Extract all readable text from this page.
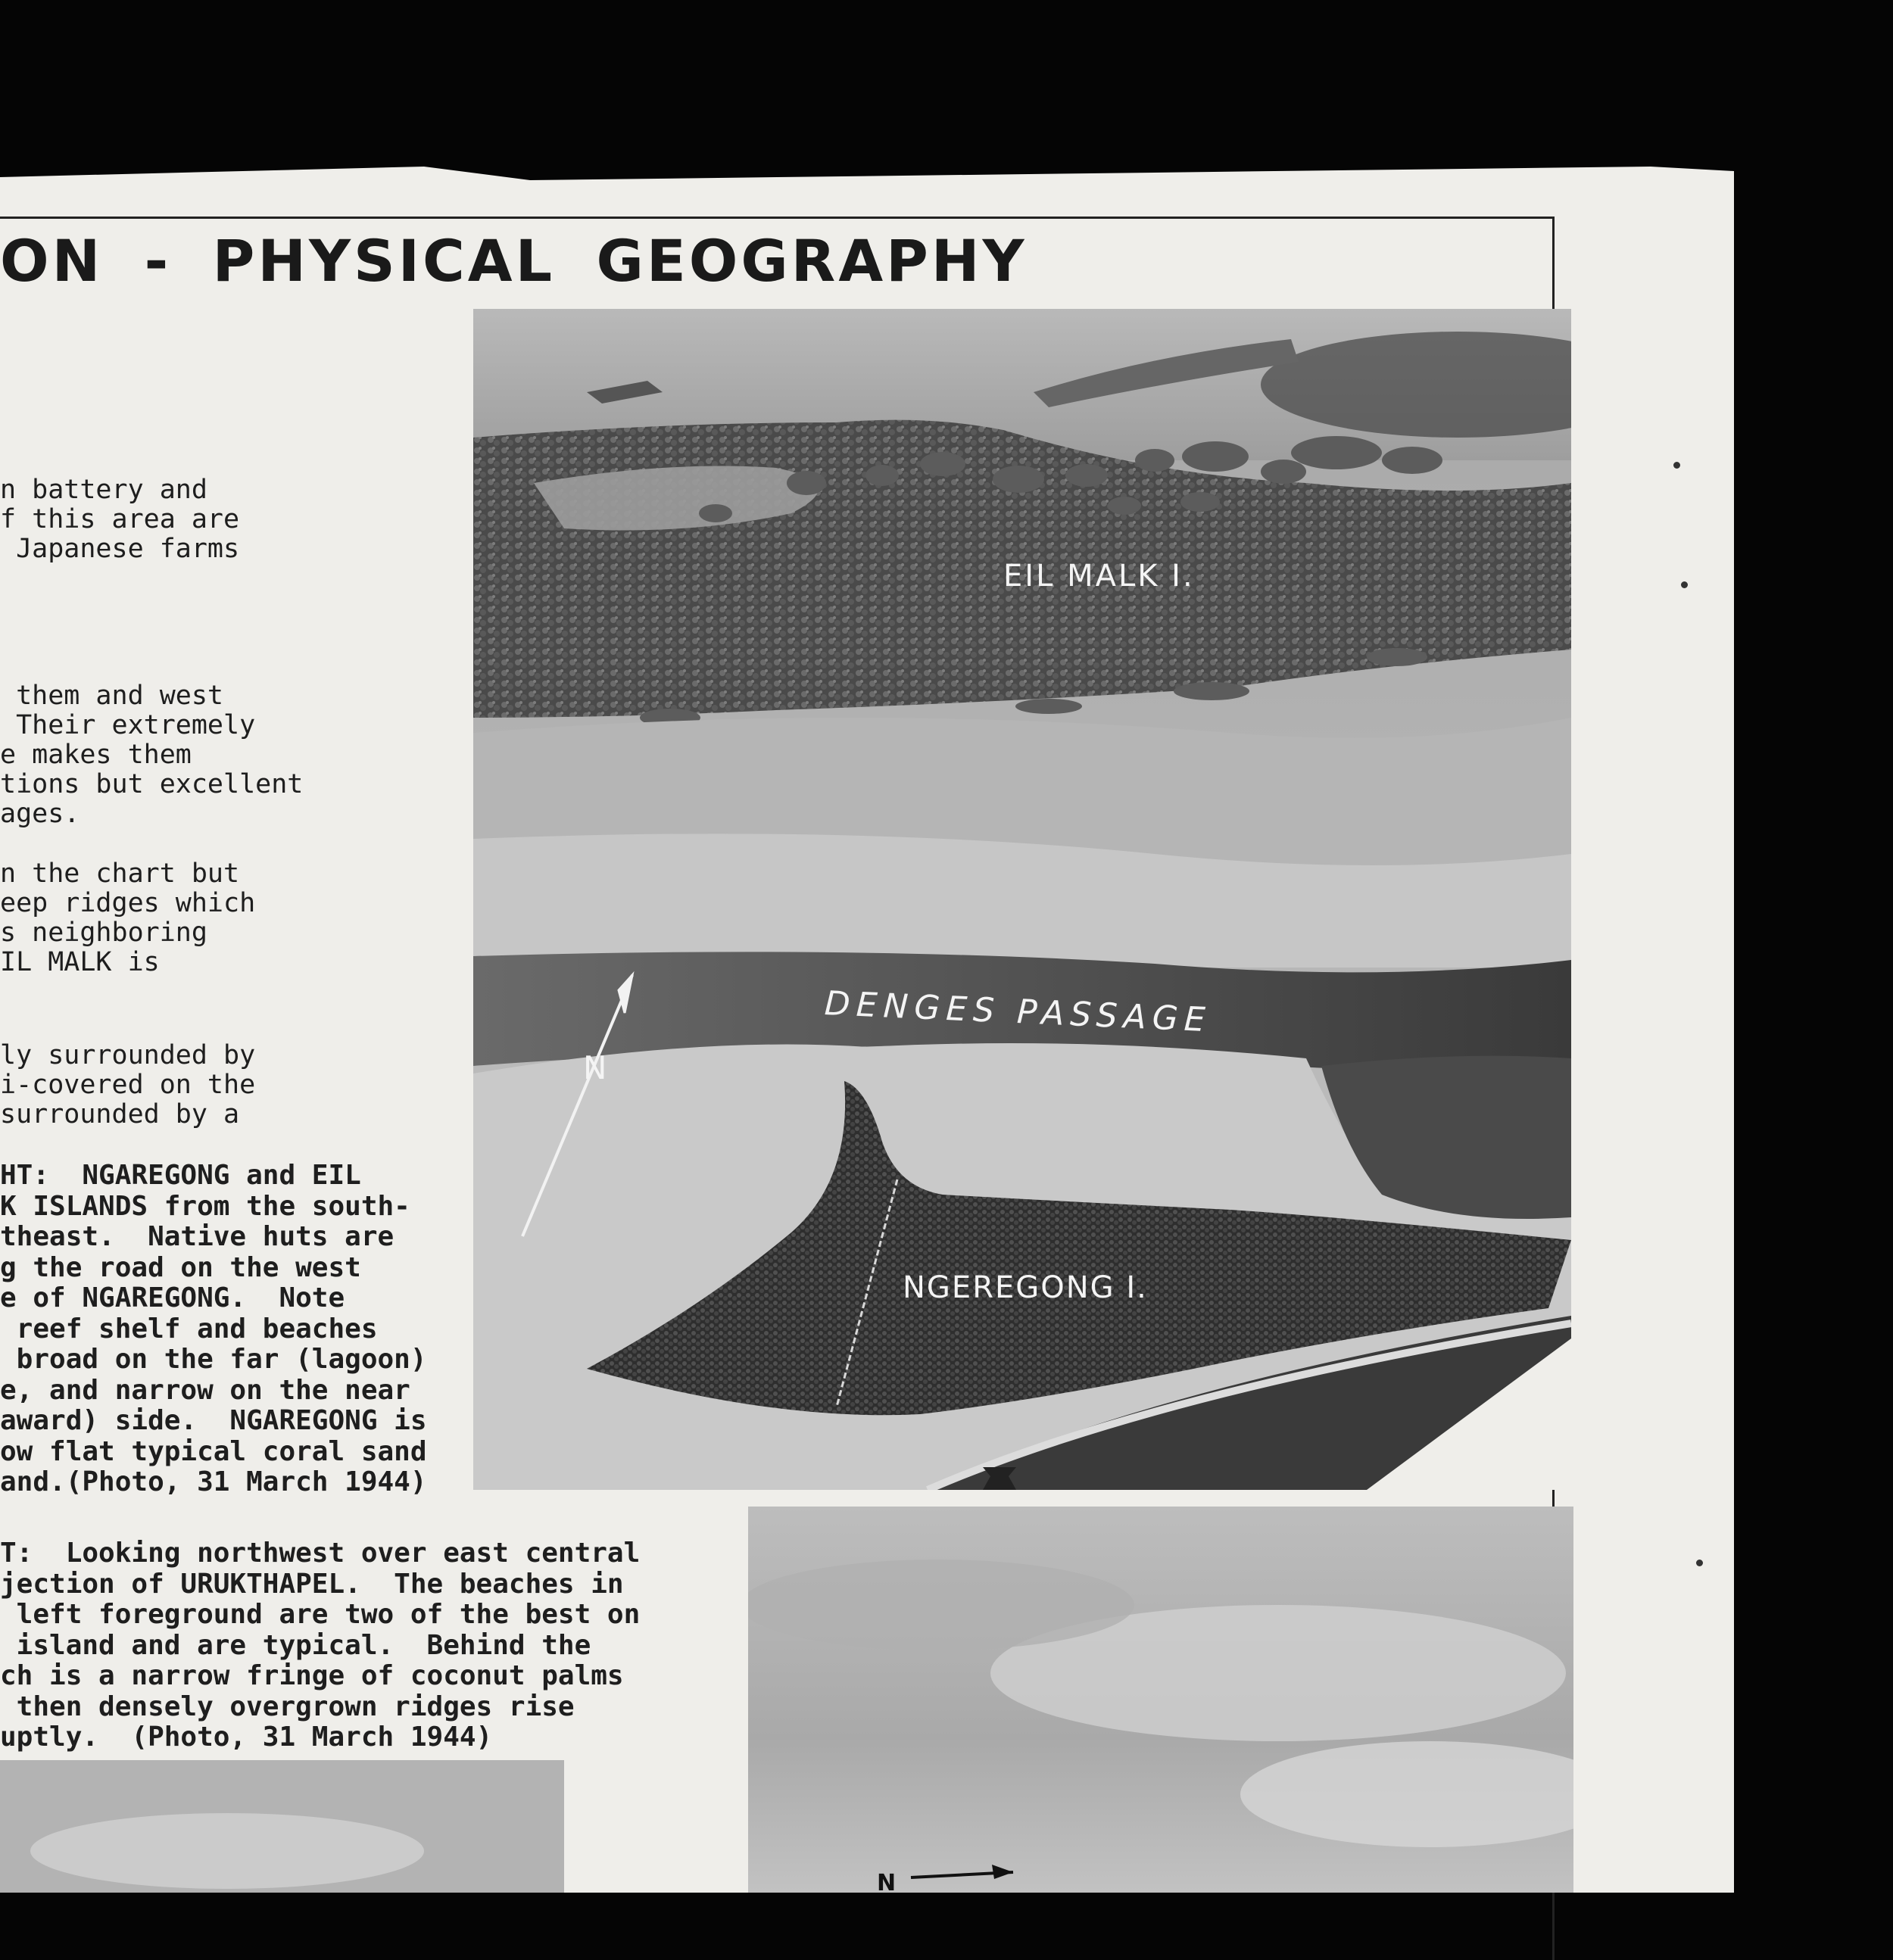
ON - PHYSICAL GEOGRAPHY
n battery and
f this area are
Japanese farms
them and west
Their extremely
e makes them
tions but excellent
ages.
n the chart but
eep ridges which
s neighboring
IL MALK is
ly surrounded by
i-covered on the
surrounded by a
HT:  NGAREGONG and EIL
K ISLANDS from the south-
theast.  Native huts are
g the road on the west
e of NGAREGONG.  Note
reef shelf and beaches
broad on the far (lagoon)
e, and narrow on the near
award) side.  NGAREGONG is
ow flat typical coral sand
and.(Photo, 31 March 1944)
T:  Looking northwest over east central
jection of URUKTHAPEL.  The beaches in
left foreground are two of the best on
island and are typical.  Behind the
ch is a narrow fringe of coconut palms
then densely overgrown ridges rise
uptly.  (Photo, 31 March 1944)
EIL MALK I.
DENGES PASSAGE
NGEREGONG I.
N
N
